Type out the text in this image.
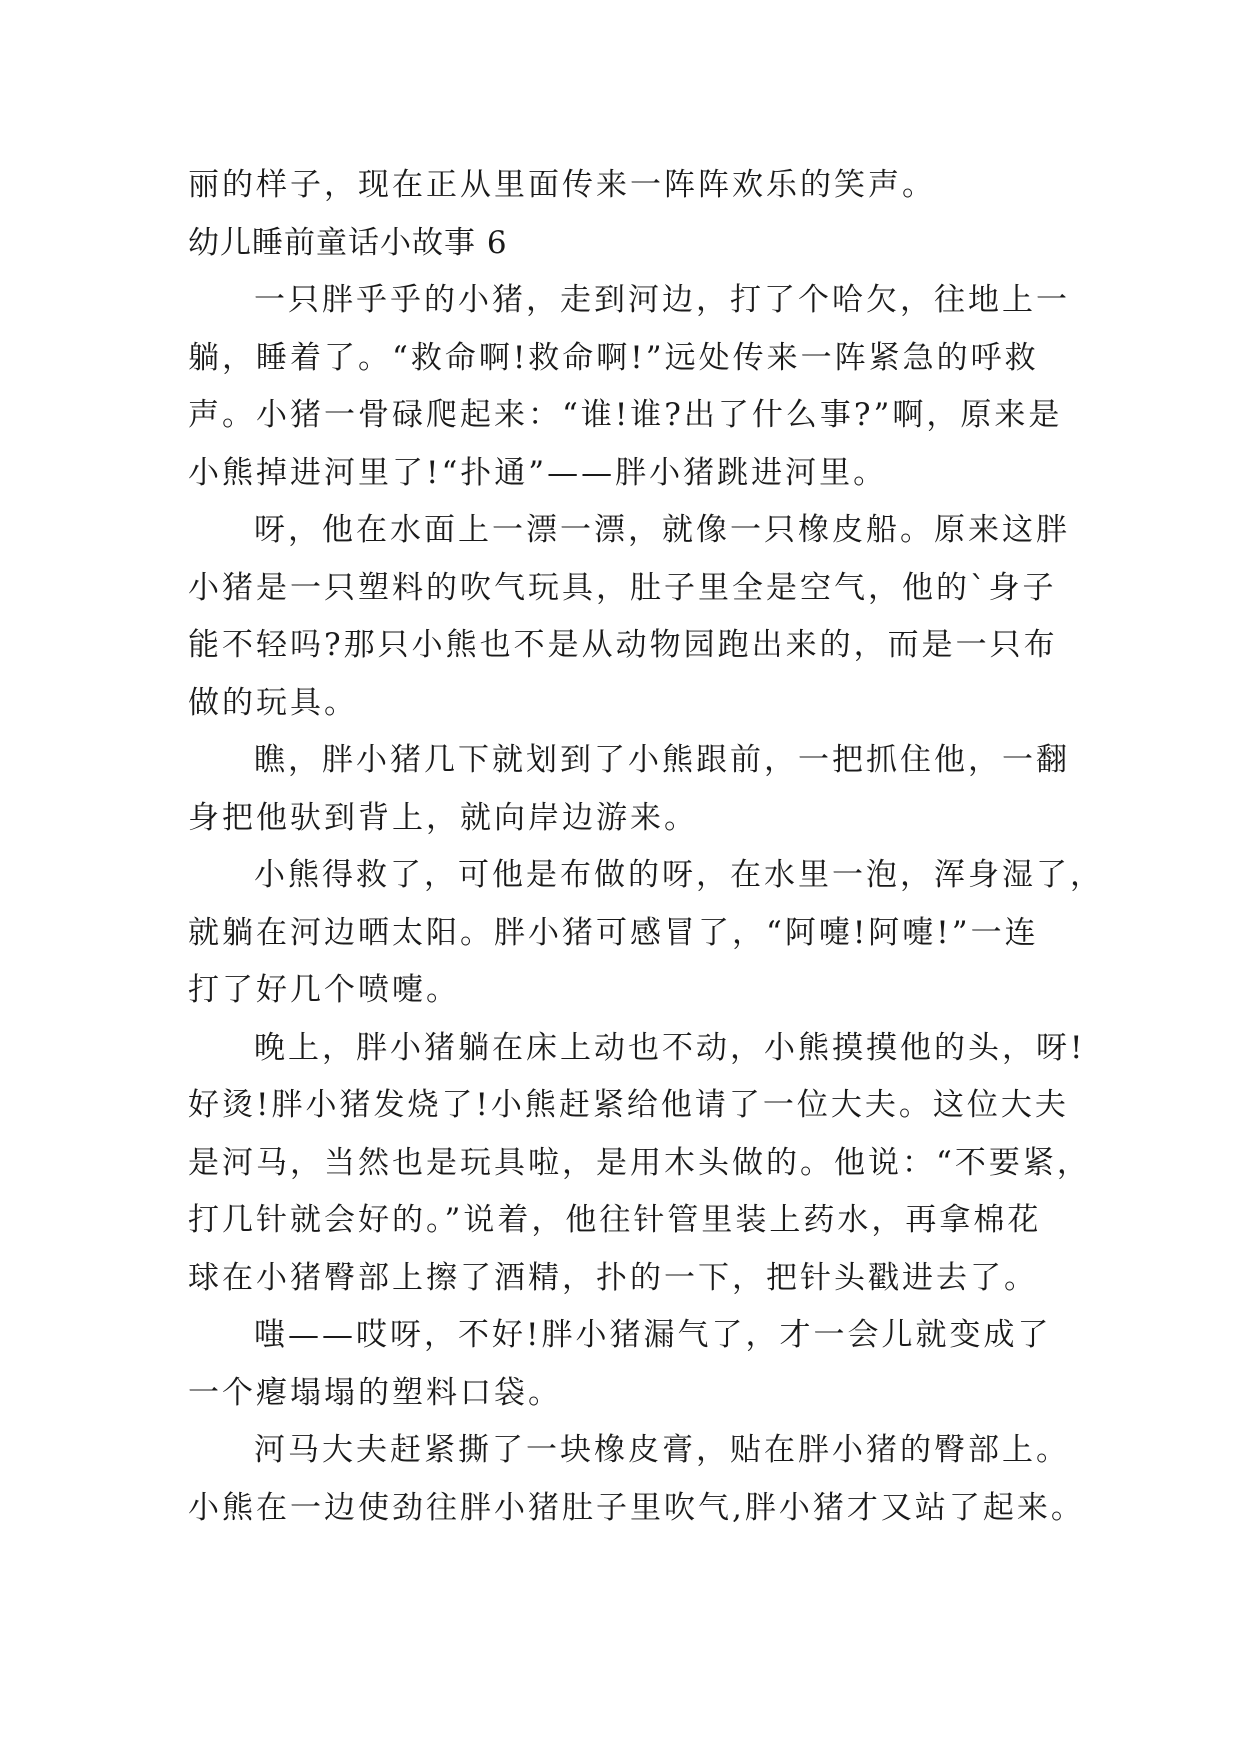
丽的样子，现在正从里面传来一阵阵欢乐的笑声。
幼儿睡前童话小故事 6
一只胖乎乎的小猪，走到河边，打了个哈欠，往地上一
躺，睡着了。“救命啊!救命啊!”远处传来一阵紧急的呼救
声。小猪一骨碌爬起来：“谁!谁?出了什么事?”啊，原来是
小熊掉进河里了!“扑通”——胖小猪跳进河里。
呀，他在水面上一漂一漂，就像一只橡皮船。原来这胖
小猪是一只塑料的吹气玩具，肚子里全是空气，他的`身子
能不轻吗?那只小熊也不是从动物园跑出来的，而是一只布
做的玩具。
瞧，胖小猪几下就划到了小熊跟前，一把抓住他，一翻
身把他驮到背上，就向岸边游来。
小熊得救了，可他是布做的呀，在水里一泡，浑身湿了，
就躺在河边晒太阳。胖小猪可感冒了，“阿嚏!阿嚏!”一连
打了好几个喷嚏。
晚上，胖小猪躺在床上动也不动，小熊摸摸他的头，呀!
好烫!胖小猪发烧了!小熊赶紧给他请了一位大夫。这位大夫
是河马，当然也是玩具啦，是用木头做的。他说：“不要紧，
打几针就会好的。”说着，他往针管里装上药水，再拿棉花
球在小猪臀部上擦了酒精，扑的一下，把针头戳进去了。
嗤——哎呀，不好!胖小猪漏气了，才一会儿就变成了
一个瘪塌塌的塑料口袋。
河马大夫赶紧撕了一块橡皮膏，贴在胖小猪的臀部上。
小熊在一边使劲往胖小猪肚子里吹气,胖小猪才又站了起来。
